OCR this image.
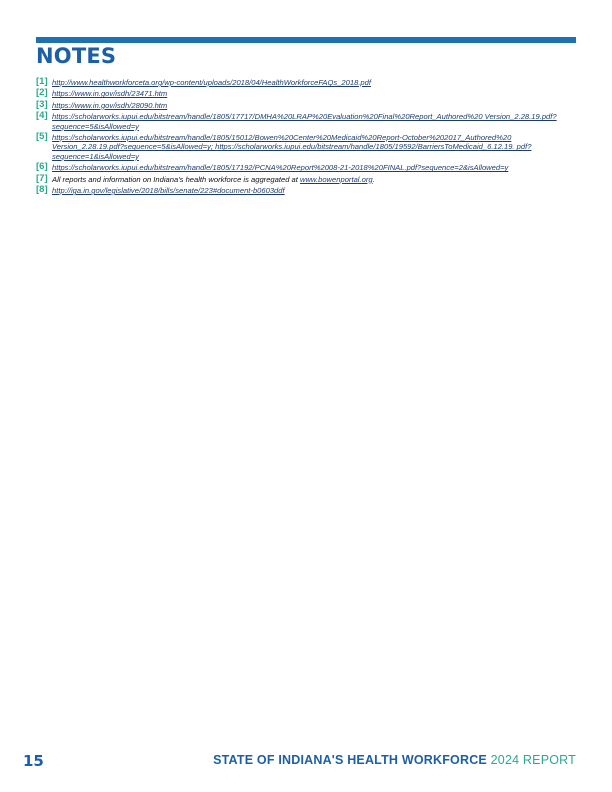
NOTES
[1] http://www.healthworkforceta.org/wp-content/uploads/2018/04/HealthWorkforceFAQs_2018.pdf
[2] https://www.in.gov/isdh/23471.htm
[3] https://www.in.gov/isdh/28090.htm
[4] https://scholarworks.iupui.edu/bitstream/handle/1805/17717/DMHA%20LRAP%20Evaluation%20Final%20Report_Authored%20 Version_2.28.19.pdf?sequence=5&isAllowed=y
[5] https://scholarworks.iupui.edu/bitstream/handle/1805/15012/Bowen%20Center%20Medicaid%20Report-October%202017_Authored%20 Version_2.28.19.pdf?sequence=5&isAllowed=y; https://scholarworks.iupui.edu/bitstream/handle/1805/19592/BarriersToMedicaid_6.12.19. pdf?sequence=1&isAllowed=y
[6] https://scholarworks.iupui.edu/bitstream/handle/1805/17192/PCNA%20Report%2008-21-2018%20FINAL.pdf?sequence=2&isAllowed=y
[7] All reports and information on Indiana's health workforce is aggregated at www.bowenportal.org.
[8] http://iga.in.gov/legislative/2018/bills/senate/223#document-b0603ddf
15	STATE OF INDIANA'S HEALTH WORKFORCE 2024 REPORT
